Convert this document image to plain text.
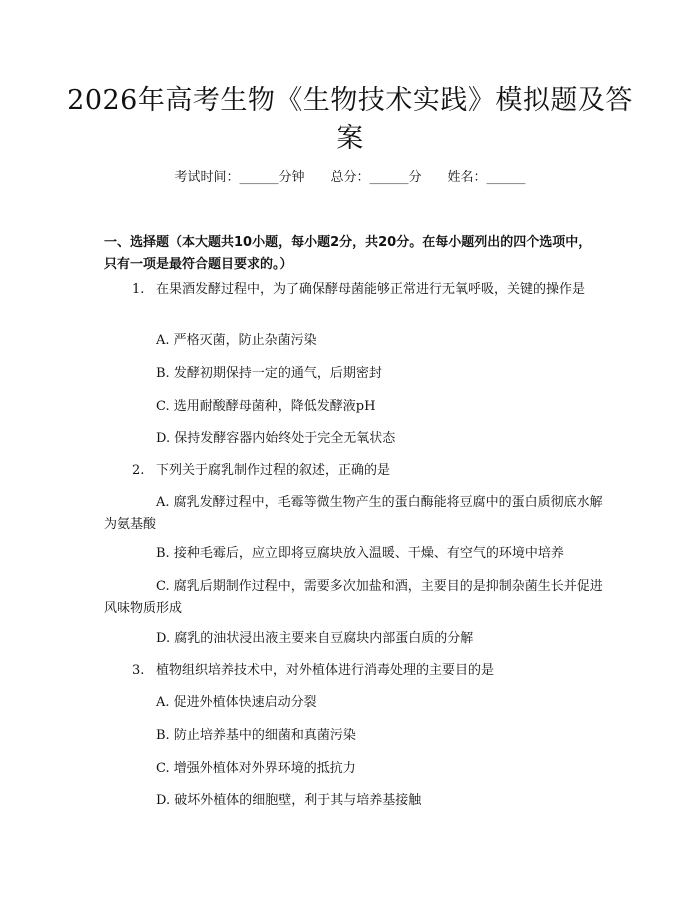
2026年高考生物《生物技术实践》模拟题及答案
考试时间：______分钟 总分：______分 姓名：______
一、选择题（本大题共10小题，每小题2分，共20分。在每小题列出的四个选项中，只有一项是最符合题目要求的。）
1. 在果酒发酵过程中，为了确保酵母菌能够正常进行无氧呼吸，关键的操作是
A. 严格灭菌，防止杂菌污染
B. 发酵初期保持一定的通气，后期密封
C. 选用耐酸酵母菌种，降低发酵液pH
D. 保持发酵容器内始终处于完全无氧状态
2. 下列关于腐乳制作过程的叙述，正确的是
A. 腐乳发酵过程中，毛霉等微生物产生的蛋白酶能将豆腐中的蛋白质彻底水解为氨基酸
B. 接种毛霉后，应立即将豆腐块放入温暖、干燥、有空气的环境中培养
C. 腐乳后期制作过程中，需要多次加盐和酒，主要目的是抑制杂菌生长并促进风味物质形成
D. 腐乳的油状浸出液主要来自豆腐块内部蛋白质的分解
3. 植物组织培养技术中，对外植体进行消毒处理的主要目的是
A. 促进外植体快速启动分裂
B. 防止培养基中的细菌和真菌污染
C. 增强外植体对外界环境的抵抗力
D. 破坏外植体的细胞壁，利于其与培养基接触
